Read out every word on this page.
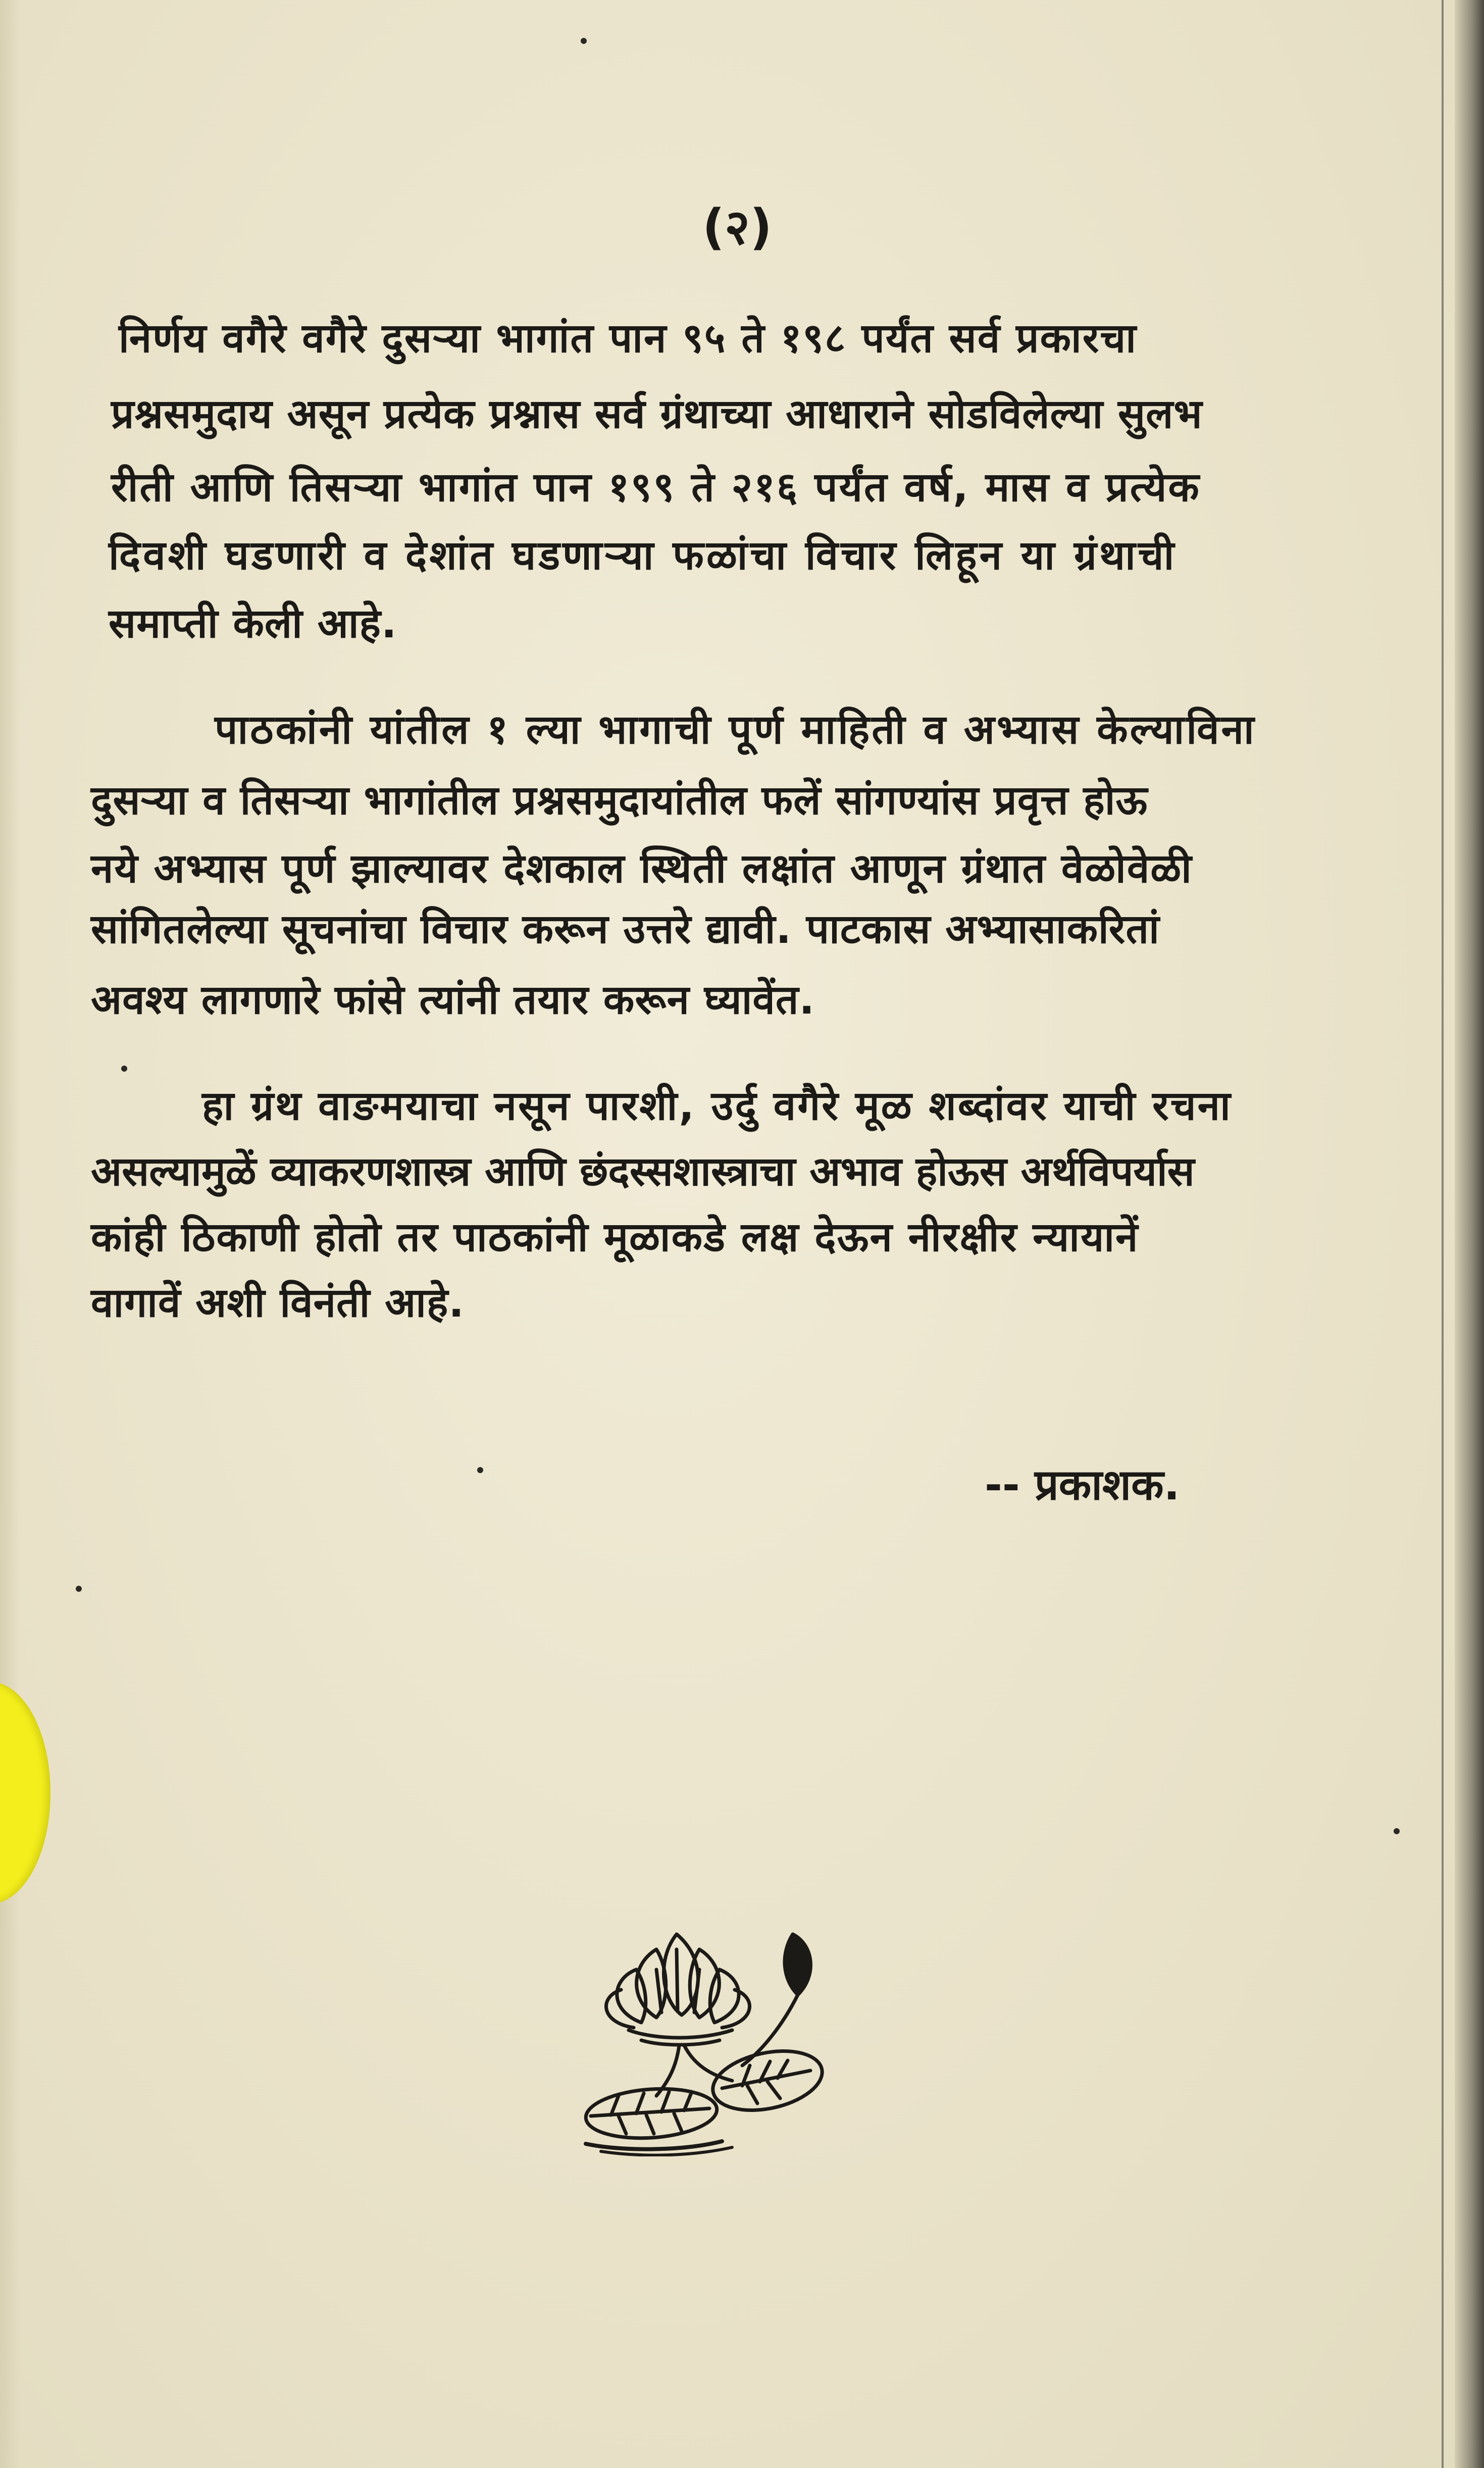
(२)
निर्णय वगैरे वगैरे दुसऱ्या भागांत पान ९५ ते १९८ पर्यंत सर्व प्रकारचा
प्रश्नसमुदाय असून प्रत्येक प्रश्नास सर्व ग्रंथाच्या आधाराने सोडविलेल्या सुलभ
रीती आणि तिसऱ्या भागांत पान १९९ ते २१६ पर्यंत वर्ष, मास व प्रत्येक
दिवशी घडणारी व देशांत घडणाऱ्या फळांचा विचार लिहून या ग्रंथाची
समाप्ती केली आहे.
पाठकांनी यांतील १ ल्या भागाची पूर्ण माहिती व अभ्यास केल्याविना
दुसऱ्या व तिसऱ्या भागांतील प्रश्नसमुदायांतील फलें सांगण्यांस प्रवृत्त होऊ
नये अभ्यास पूर्ण झाल्यावर देशकाल स्थिती लक्षांत आणून ग्रंथात वेळोवेळी
सांगितलेल्या सूचनांचा विचार करून उत्तरे द्यावी. पाटकास अभ्यासाकरितां
अवश्य लागणारे फांसे त्यांनी तयार करून घ्यावेंत.
हा ग्रंथ वाङमयाचा नसून पारशी, उर्दु वगैरे मूळ शब्दांवर याची रचना
असल्यामुळें व्याकरणशास्त्र आणि छंदस्सशास्त्राचा अभाव होऊस अर्थविपर्यास
कांही ठिकाणी होतो तर पाठकांनी मूळाकडे लक्ष देऊन नीरक्षीर न्यायानें
वागावें अशी विनंती आहे.
-- प्रकाशक.
